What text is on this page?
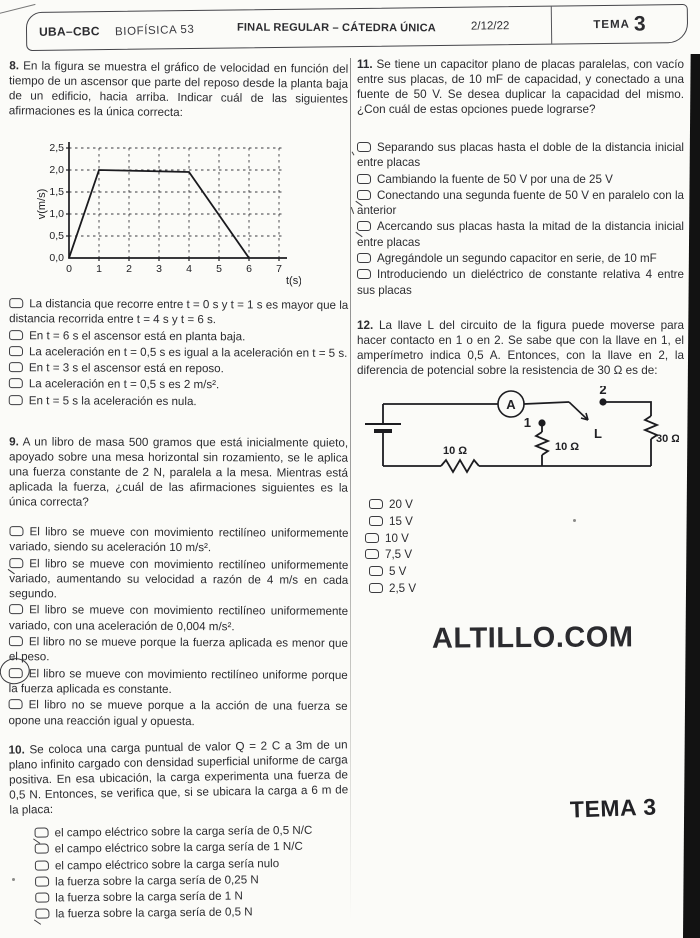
UBA–CBC	BIOFÍSICA 53	FINAL REGULAR – CÁTEDRA ÚNICA	2/12/22	TEMA 3

8. En la figura se muestra el gráfico de velocidad en función del tiempo de un ascensor que parte del reposo desde la planta baja de un edificio, hacia arriba. Indicar cuál de las siguientes afirmaciones es la única correcta:

0,0
0,5
1,0
1,5
2,0
2,5
0 1 2 3 4 5 6 7
t(s)
v(m/s)
La distancia que recorre entre t = 0 s y t = 1 s es mayor que la distancia recorrida entre t = 4 s y t = 6 s.
En t = 6 s el ascensor está en planta baja.
La aceleración en t = 0,5 s es igual a la aceleración en t = 5 s.
En t = 3 s el ascensor está en reposo.
La aceleración en t = 0,5 s es 2 m/s².
En t = 5 s la aceleración es nula.

9. A un libro de masa 500 gramos que está inicialmente quieto, apoyado sobre una mesa horizontal sin rozamiento, se le aplica una fuerza constante de 2 N, paralela a la mesa. Mientras está aplicada la fuerza, ¿cuál de las afirmaciones siguientes es la única correcta?

El libro se mueve con movimiento rectilíneo uniformemente variado, siendo su aceleración 10 m/s².
El libro se mueve con movimiento rectilíneo uniformemente variado, aumentando su velocidad a razón de 4 m/s en cada segundo.
El libro se mueve con movimiento rectilíneo uniformemente variado, con una aceleración de 0,004 m/s².
El libro no se mueve porque la fuerza aplicada es menor que el peso.
El libro se mueve con movimiento rectilíneo uniforme porque la fuerza aplicada es constante.
El libro no se mueve porque a la acción de una fuerza se opone una reacción igual y opuesta.

10. Se coloca una carga puntual de valor Q = 2 C a 3m de un plano infinito cargado con densidad superficial uniforme de carga positiva. En esa ubicación, la carga experimenta una fuerza de 0,5 N. Entonces, se verifica que, si se ubicara la carga a 6 m de la placa:

el campo eléctrico sobre la carga sería de 0,5 N/C
el campo eléctrico sobre la carga sería de 1 N/C
el campo eléctrico sobre la carga sería nulo
la fuerza sobre la carga sería de 0,25 N
la fuerza sobre la carga sería de 1 N
la fuerza sobre la carga sería de 0,5 N

11. Se tiene un capacitor plano de placas paralelas, con vacío entre sus placas, de 10 mF de capacidad, y conectado a una fuente de 50 V. Se desea duplicar la capacidad del mismo. ¿Con cuál de estas opciones puede lograrse?

Separando sus placas hasta el doble de la distancia inicial entre placas
Cambiando la fuente de 50 V por una de 25 V
Conectando una segunda fuente de 50 V en paralelo con la anterior
Acercando sus placas hasta la mitad de la distancia inicial entre placas
Agregándole un segundo capacitor en serie, de 10 mF
Introduciendo un dieléctrico de constante relativa 4 entre sus placas

12. La llave L del circuito de la figura puede moverse para hacer contacto en 1 o en 2. Se sabe que con la llave en 1, el amperímetro indica 0,5 A. Entonces, con la llave en 2, la diferencia de potencial sobre la resistencia de 30 Ω es de:

A
2
1
L
10 Ω	10 Ω
30 Ω
20 V
15 V
10 V
7,5 V
5 V
2,5 V
ALTILLO.COM
TEMA 3
